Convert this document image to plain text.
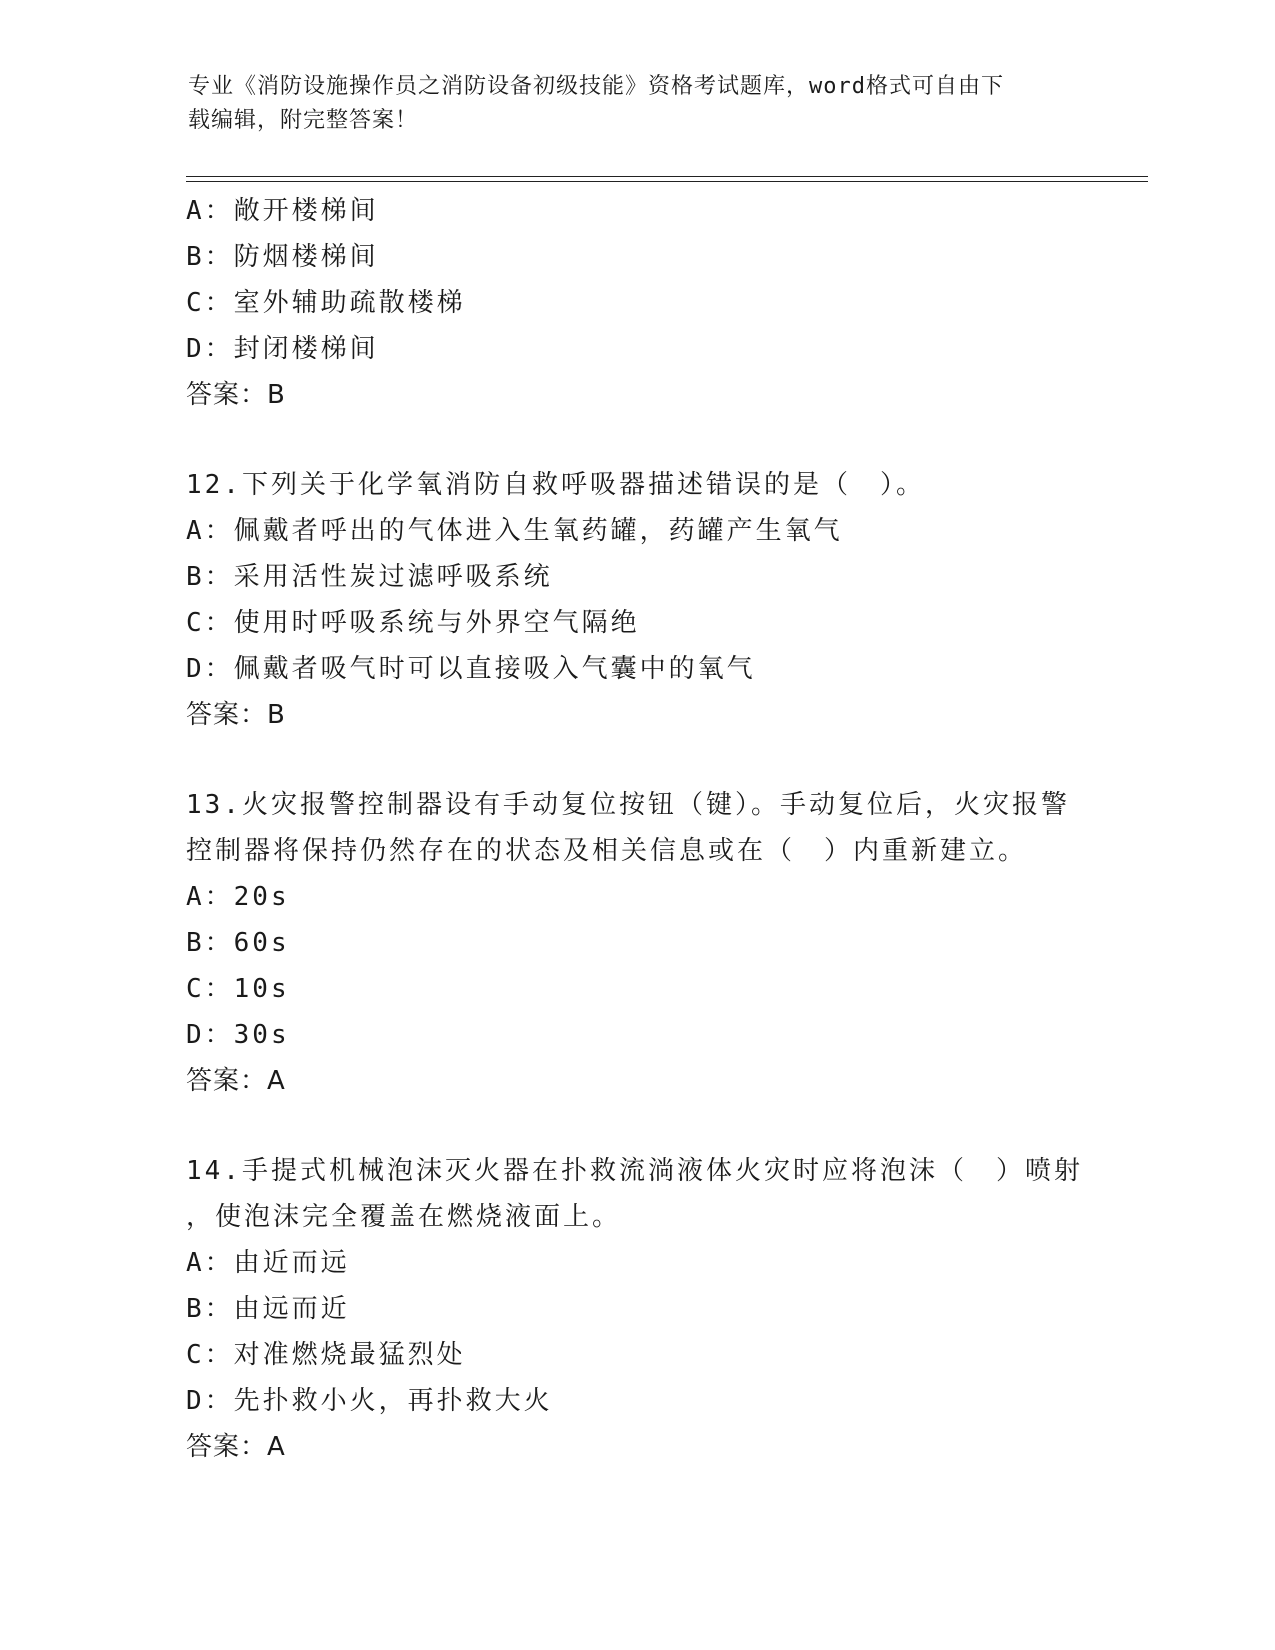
专业《消防设施操作员之消防设备初级技能》资格考试题库，word格式可自由下
载编辑，附完整答案！
A：敞开楼梯间
B：防烟楼梯间
C：室外辅助疏散楼梯
D：封闭楼梯间
答案：B
12.下列关于化学氧消防自救呼吸器描述错误的是（　）。
A：佩戴者呼出的气体进入生氧药罐，药罐产生氧气
B：采用活性炭过滤呼吸系统
C：使用时呼吸系统与外界空气隔绝
D：佩戴者吸气时可以直接吸入气囊中的氧气
答案：B
13.火灾报警控制器设有手动复位按钮（键）。手动复位后，火灾报警
控制器将保持仍然存在的状态及相关信息或在（　）内重新建立。
A：20s
B：60s
C：10s
D：30s
答案：A
14.手提式机械泡沫灭火器在扑救流淌液体火灾时应将泡沫（　）喷射
，使泡沫完全覆盖在燃烧液面上。
A：由近而远
B：由远而近
C：对准燃烧最猛烈处
D：先扑救小火，再扑救大火
答案：A
